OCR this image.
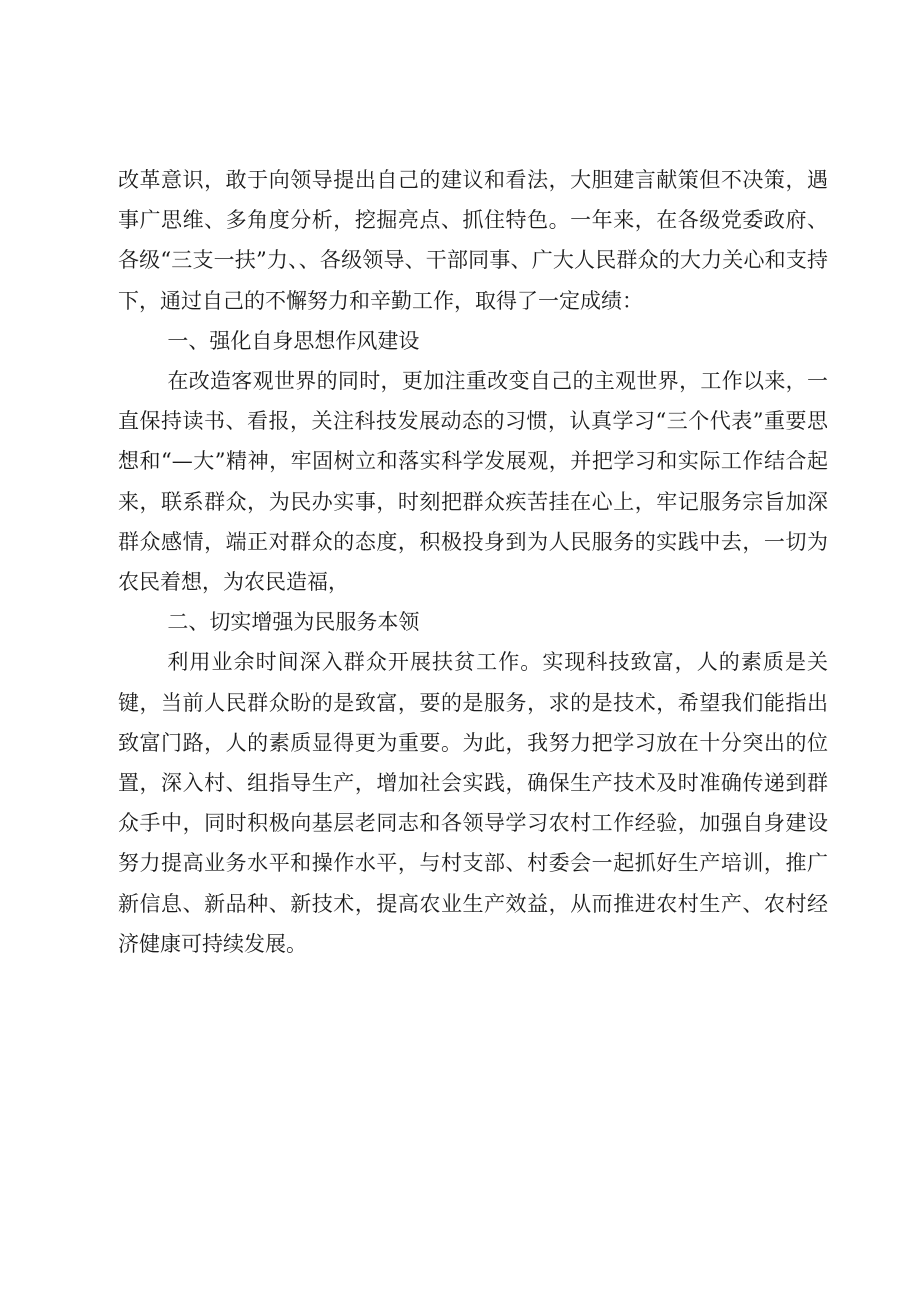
改革意识，敢于向领导提出自己的建议和看法，大胆建言献策但不决策，遇事广思维、多角度分析，挖掘亮点、抓住特色。一年来，在各级党委政府、各级“三支一扶”力、、各级领导、干部同事、广大人民群众的大力关心和支持下，通过自己的不懈努力和辛勤工作，取得了一定成绩：

一、强化自身思想作风建设

在改造客观世界的同时，更加注重改变自己的主观世界，工作以来，一直保持读书、看报，关注科技发展动态的习惯，认真学习“三个代表”重要思想和“—大”精神，牢固树立和落实科学发展观，并把学习和实际工作结合起来，联系群众，为民办实事，时刻把群众疾苦挂在心上，牢记服务宗旨加深群众感情，端正对群众的态度，积极投身到为人民服务的实践中去，一切为农民着想，为农民造福，

二、切实增强为民服务本领

利用业余时间深入群众开展扶贫工作。实现科技致富，人的素质是关键，当前人民群众盼的是致富，要的是服务，求的是技术，希望我们能指出致富门路，人的素质显得更为重要。为此，我努力把学习放在十分突出的位置，深入村、组指导生产，增加社会实践，确保生产技术及时准确传递到群众手中，同时积极向基层老同志和各领导学习农村工作经验，加强自身建设努力提高业务水平和操作水平，与村支部、村委会一起抓好生产培训，推广新信息、新品种、新技术，提高农业生产效益，从而推进农村生产、农村经济健康可持续发展。
